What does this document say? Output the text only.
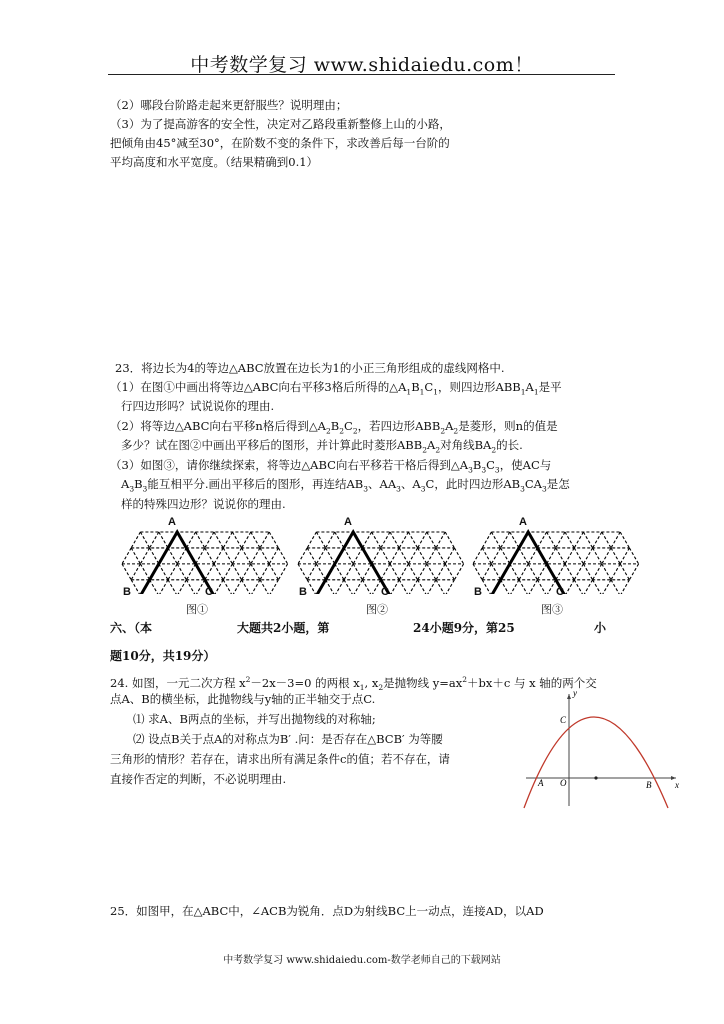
中考数学复习 www.shidaiedu.com！
（2）哪段台阶路走起来更舒服些？说明理由；
（3）为了提高游客的安全性，决定对乙路段重新整修上山的小路，
把倾角由45°减至30°，在阶数不变的条件下，求改善后每一台阶的
平均高度和水平宽度。（结果精确到0.1）
23．将边长为4的等边△ABC放置在边长为1的小正三角形组成的虚线网格中.
（1）在图①中画出将等边△ABC向右平移3格后所得的$\triangle A_1B_1C_1$，则四边形$ABB_1A_1$是平
行四边形吗？试说说你的理由.
（2）将等边△ABC向右平移n格后得到$\triangle A_2B_2C_2$，若四边形$ABB_2A_2$是菱形，则n的值是
多少？试在图②中画出平移后的图形，并计算此时菱形$ABB_2A_2$对角线$BA_2$的长.
（3）如图③，请你继续探索，将等边△ABC向右平移若干格后得到$\triangle A_3B_3C_3$，使AC与
$A_3B_3$能互相平分.画出平移后的图形，再连结$AB_3$、$AA_3$、$A_3C$，此时四边形$AB_3CA_3$是怎
样的特殊四边形？说说你的理由.
A
B	C
图①
A
B	C
图②
A
B	C
图③
六、（本	大题共2小题，第	24小题9分，第25	小
题10分，共19分）
24. 如图，一元二次方程 $x^2-2x-3=0$ 的两根 $x_1$, $x_2$是抛物线 $y=ax^2+bx+c$ 与 x 轴的两个交
点A、B的横坐标，此抛物线与y轴的正半轴交于点C.
⑴ 求A、B两点的坐标，并写出抛物线的对称轴;
⑵ 设点B关于点A的对称点为B′ .问：是否存在△BCB′ 为等腰
三角形的情形？若存在，请求出所有满足条件c的值；若不存在，请
直接作否定的判断，不必说明理由.
y
x
C
A O	B
25．如图甲，在△ABC中，∠ACB为锐角．点D为射线BC上一动点，连接AD，以AD
中考数学复习 www.shidaiedu.com-数学老师自己的下载网站
